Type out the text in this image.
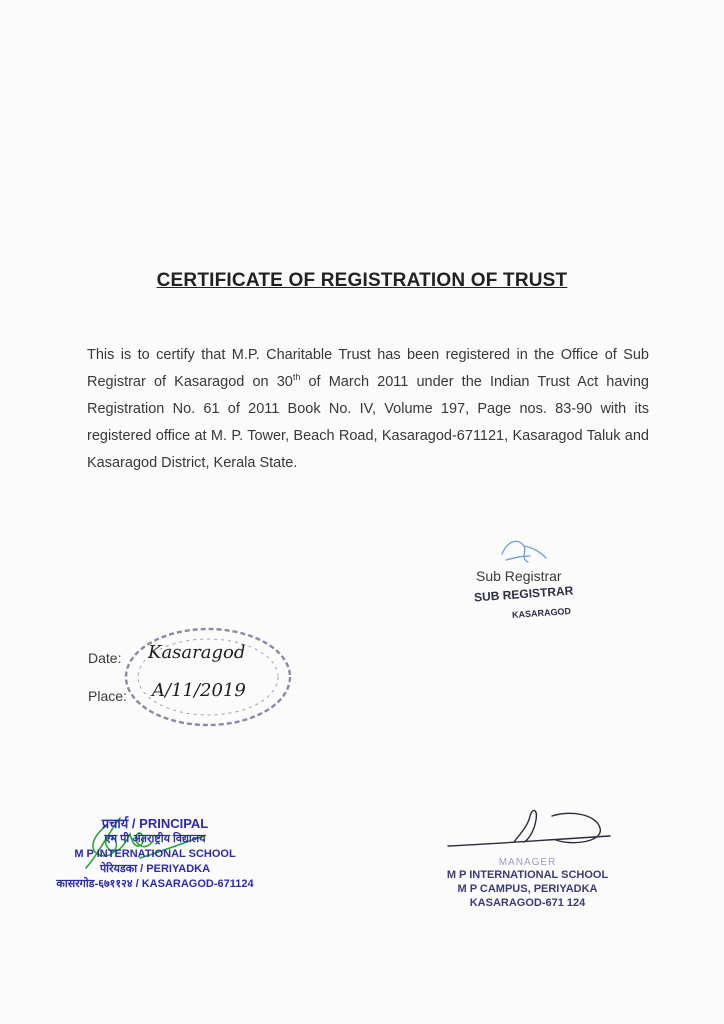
CERTIFICATE OF REGISTRATION OF TRUST

This is to certify that M.P. Charitable Trust has been registered in the Office of Sub Registrar of Kasaragod on 30th of March 2011 under the Indian Trust Act having Registration No. 61 of 2011 Book No. IV, Volume 197, Page nos. 83-90 with its registered office at M. P. Tower, Beach Road, Kasaragod-671121, Kasaragod Taluk and Kasaragod District, Kerala State.

Sub Registrar
SUB REGISTRAR
KASARAGOD
Date:
Place:
Kasaragod
A/11/2019
प्रचार्य / PRINCIPAL
एम पी अंतराष्ट्रीय विद्यालय
M P INTERNATIONAL SCHOOL
पेरियडका / PERIYADKA
कासरगोड-६७११२४ / KASARAGOD-671124
MANAGER
M P INTERNATIONAL SCHOOL
M P CAMPUS, PERIYADKA
KASARAGOD-671 124
